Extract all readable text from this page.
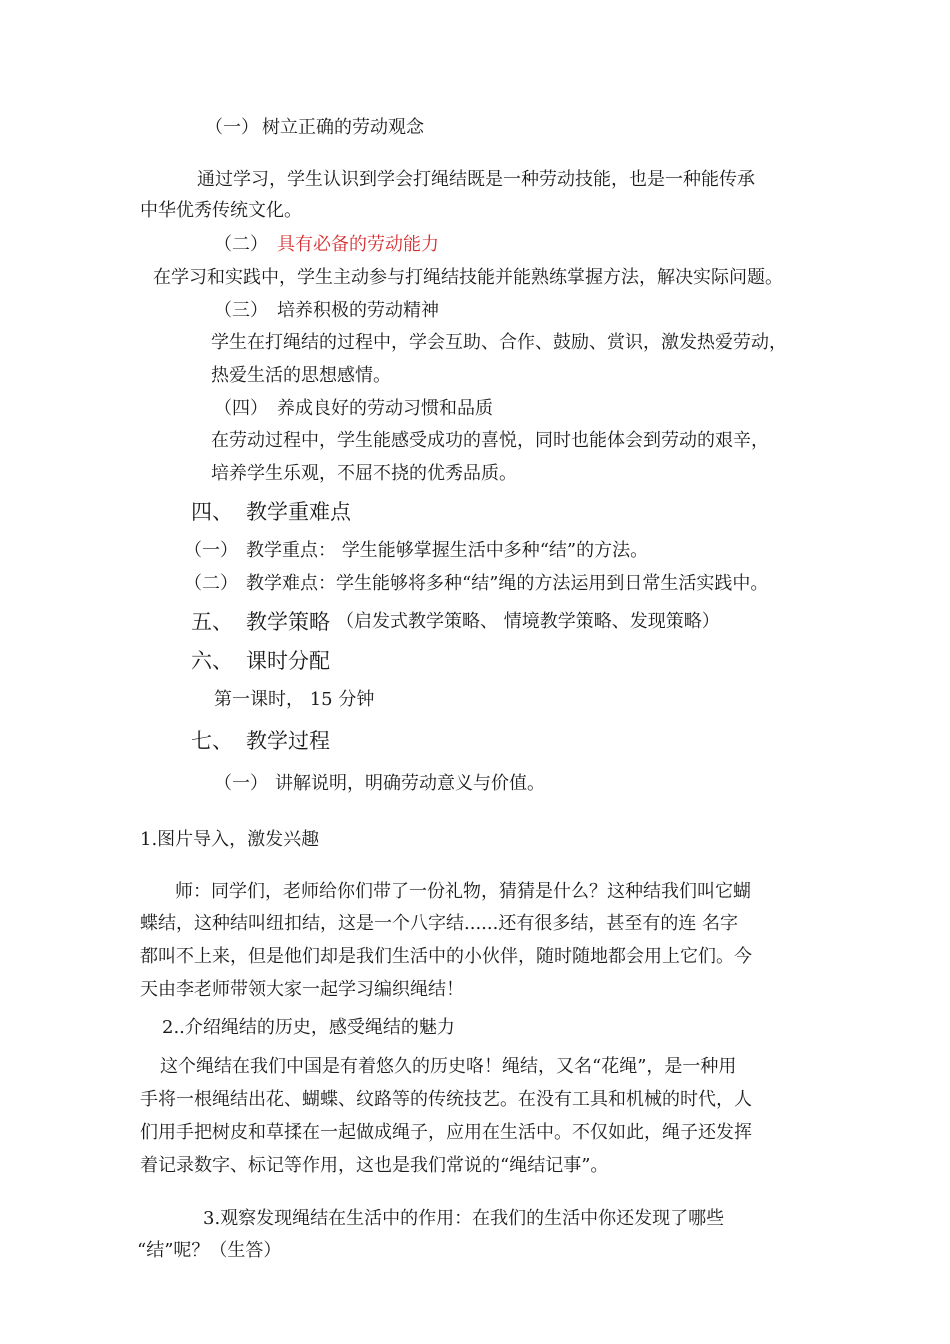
（一） 树立正确的劳动观念
通过学习，学生认识到学会打绳结既是一种劳动技能，也是一种能传承
中华优秀传统文化。
（二） 具有必备的劳动能力
在学习和实践中，学生主动参与打绳结技能并能熟练掌握方法，解决实际问题。
（三） 培养积极的劳动精神
学生在打绳结的过程中，学会互助、合作、鼓励、赏识，激发热爱劳动，
热爱生活的思想感情。
（四） 养成良好的劳动习惯和品质
在劳动过程中，学生能感受成功的喜悦，同时也能体会到劳动的艰辛，
培养学生乐观，不屈不挠的优秀品质。
四、 教学重难点
（一） 教学重点： 学生能够掌握生活中多种“结”的方法。
（二） 教学难点：学生能够将多种“结”绳的方法运用到日常生活实践中。
五、 教学策略 （启发式教学策略、 情境教学策略、发现策略）
六、 课时分配
第一课时， 15 分钟
七、 教学过程
（一） 讲解说明，明确劳动意义与价值。
1.图片导入，激发兴趣
师：同学们，老师给你们带了一份礼物，猜猜是什么？这种结我们叫它蝴
蝶结，这种结叫纽扣结，这是一个八字结......还有很多结，甚至有的连 名字
都叫不上来，但是他们却是我们生活中的小伙伴，随时随地都会用上它们。今
天由李老师带领大家一起学习编织绳结！
2..介绍绳结的历史，感受绳结的魅力
这个绳结在我们中国是有着悠久的历史咯！绳结，又名“花绳”，是一种用
手将一根绳结出花、蝴蝶、纹路等的传统技艺。在没有工具和机械的时代，人
们用手把树皮和草揉在一起做成绳子，应用在生活中。不仅如此，绳子还发挥
着记录数字、标记等作用，这也是我们常说的“绳结记事”。
3.观察发现绳结在生活中的作用：在我们的生活中你还发现了哪些
“结”呢？（生答）
